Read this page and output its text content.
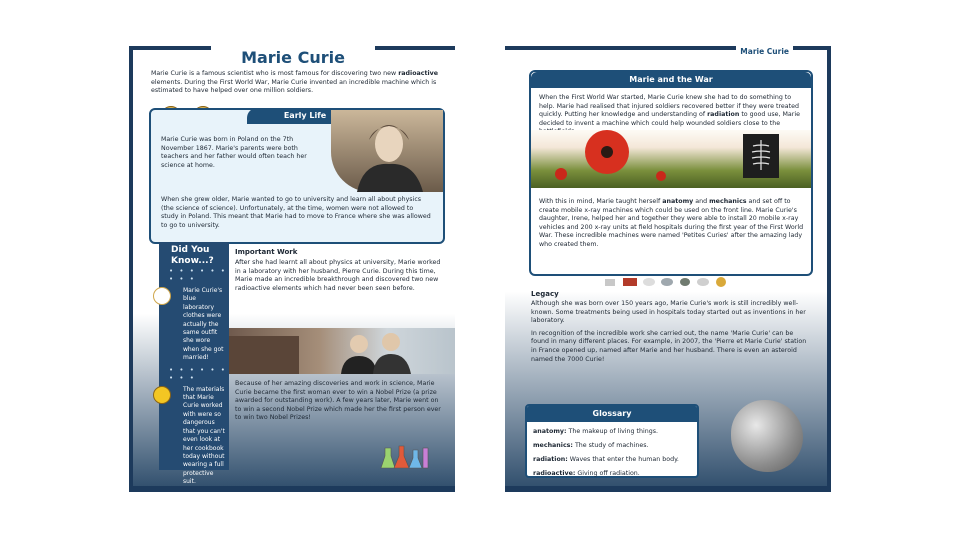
Marie Curie
Marie Curie is a famous scientist who is most famous for discovering two new radioactive elements. During the First World War, Marie Curie invented an incredible machine which is estimated to have helped over one million soldiers.
Early Life
Marie Curie was born in Poland on the 7th November 1867. Marie's parents were both teachers and her father would often teach her science at home.
When she grew older, Marie wanted to go to university and learn all about physics (the science of science). Unfortunately, at the time, women were not allowed to study in Poland. This meant that Marie had to move to France where she was allowed to go to university.
Did You Know...?
• • • • • • • • •
Marie Curie's blue laboratory clothes were actually the same outfit she wore when she got married!
• • • • • • • • •
The materials that Marie Curie worked with were so dangerous that you can't even look at her cookbook today without wearing a full protective suit.
Important Work
After she had learnt all about physics at university, Marie worked in a laboratory with her husband, Pierre Curie. During this time, Marie made an incredible breakthrough and discovered two new radioactive elements which had never been seen before.
Because of her amazing discoveries and work in science, Marie Curie became the first woman ever to win a Nobel Prize (a prize awarded for outstanding work). A few years later, Marie went on to win a second Nobel Prize which made her the first person ever to win two Nobel Prizes!
Marie Curie
Marie and the War
When the First World War started, Marie Curie knew she had to do something to help. Marie had realised that injured soldiers recovered better if they were treated quickly. Putting her knowledge and understanding of radiation to good use, Marie decided to invent a machine which could help wounded soldiers close to the
With this in mind, Marie taught herself anatomy and mechanics and set off to create mobile x-ray machines which could be used on the front line. Marie Curie's daughter, Irene, helped her and together they were able to install 20 mobile x-ray vehicles and 200 x-ray units at field hospitals during the first year of the First World War. These incredible machines were named 'Petites Curies' after the amazing lady who created them.
Legacy
Although she was born over 150 years ago, Marie Curie's work is still incredibly well-known. Some treatments being used in hospitals today started out as inventions in her laboratory.
In recognition of the incredible work she carried out, the name 'Marie Curie' can be found in many different places. For example, in 2007, the 'Pierre et Marie Curie' station in France opened up, named after Marie and her husband. There is even an asteroid named the 7000 Curie!
Glossary
anatomy: The makeup of living things.
mechanics: The study of machines.
radiation: Waves that enter the human body.
radioactive: Giving off radiation.
